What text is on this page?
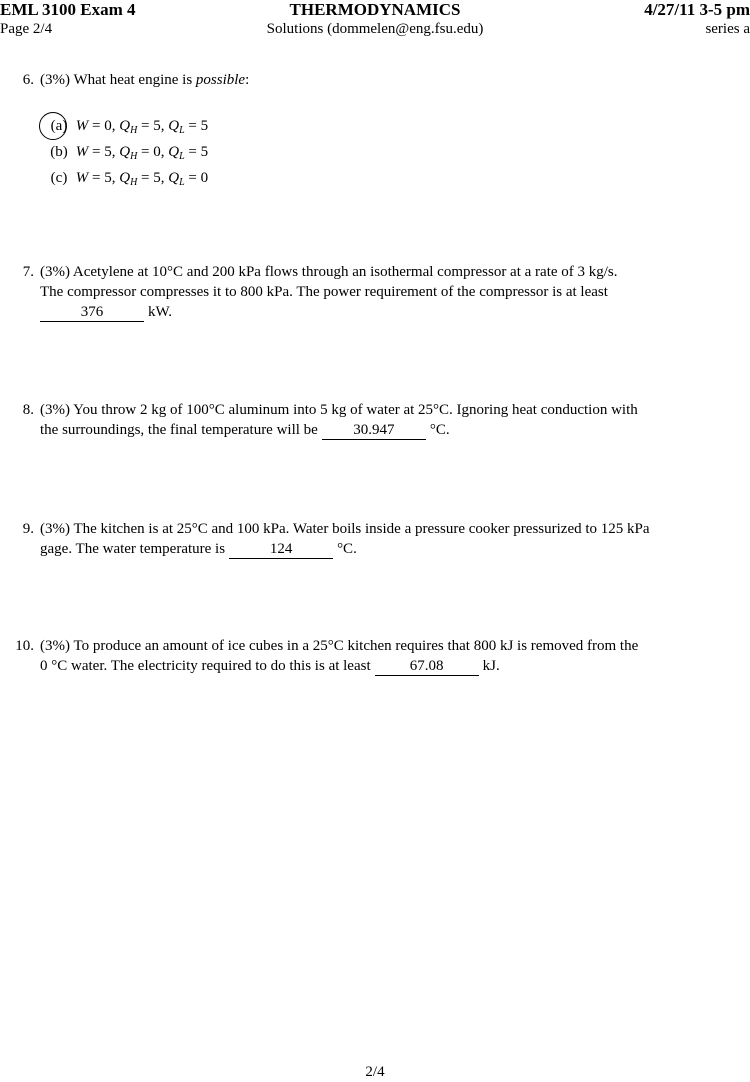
EML 3100 Exam 4	THERMODYNAMICS	4/27/11 3-5 pm
Page 2/4	Solutions (dommelen@eng.fsu.edu)	series a
6. (3%) What heat engine is possible:
(a) W = 0, $Q_H = 5$, $Q_L = 5$
(b) W = 5, $Q_H = 0$, $Q_L = 5$
(c) W = 5, $Q_H = 5$, $Q_L = 0$
7. (3%) Acetylene at 10°C and 200 kPa flows through an isothermal compressor at a rate of 3 kg/s.
The compressor compresses it to 800 kPa. The power requirement of the compressor is at least
376	kW.
8. (3%) You throw 2 kg of 100°C aluminum into 5 kg of water at 25°C. Ignoring heat conduction with
the surroundings, the final temperature will be 30.947 °C.
9. (3%) The kitchen is at 25°C and 100 kPa. Water boils inside a pressure cooker pressurized to 125 kPa
gage. The water temperature is	124	°C.
10. (3%) To produce an amount of ice cubes in a 25°C kitchen requires that 800 kJ is removed from the
0 °C water. The electricity required to do this is at least	67.08	kJ.
2/4
